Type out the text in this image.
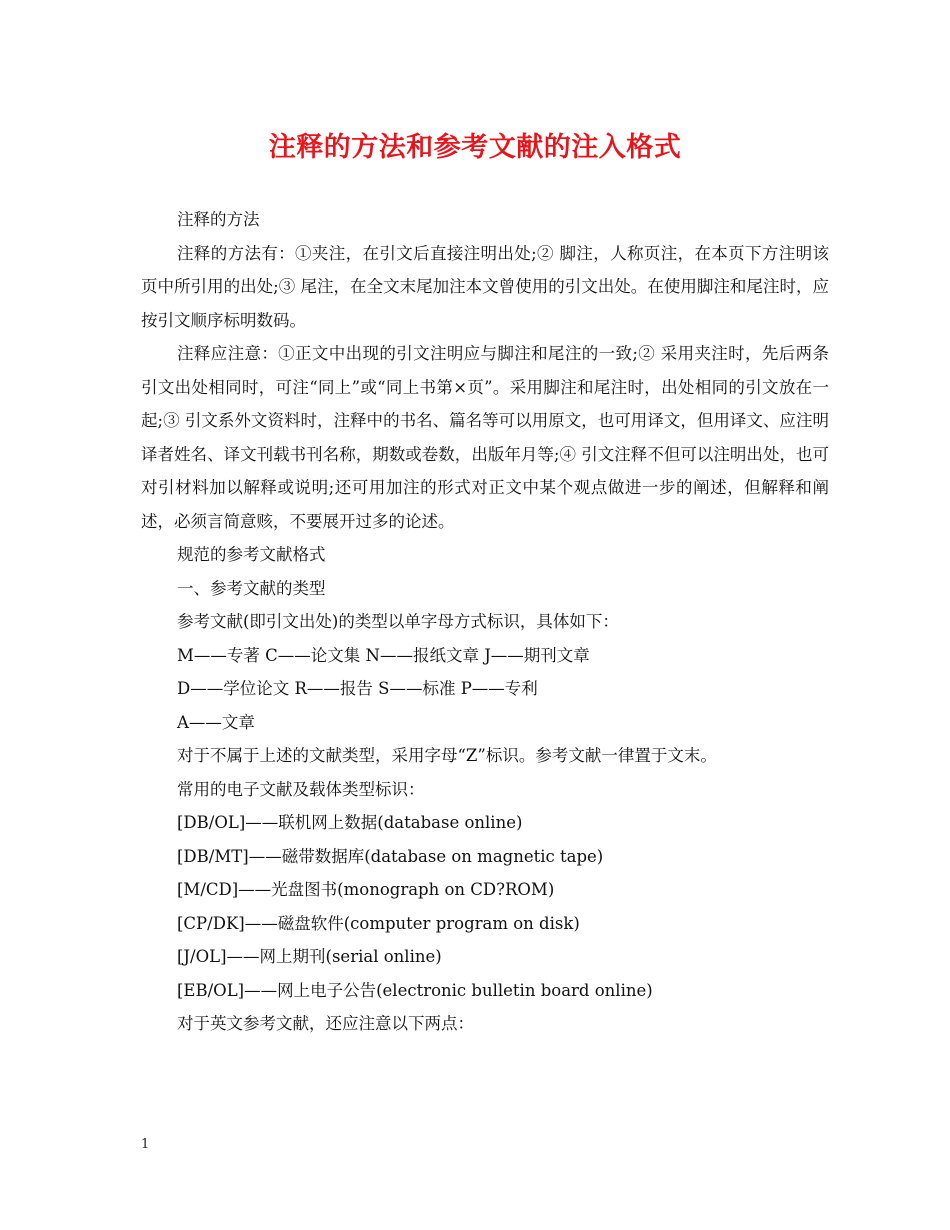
注释的方法和参考文献的注入格式

注释的方法

注释的方法有：①夹注，在引文后直接注明出处;② 脚注，人称页注，在本页下方注明该页中所引用的出处;③ 尾注，在全文末尾加注本文曾使用的引文出处。在使用脚注和尾注时，应按引文顺序标明数码。

注释应注意：①正文中出现的引文注明应与脚注和尾注的一致;② 采用夹注时，先后两条引文出处相同时，可注“同上”或“同上书第×页”。采用脚注和尾注时，出处相同的引文放在一起;③ 引文系外文资料时，注释中的书名、篇名等可以用原文，也可用译文，但用译文、应注明译者姓名、译文刊载书刊名称，期数或卷数，出版年月等;④ 引文注释不但可以注明出处，也可对引材料加以解释或说明;还可用加注的形式对正文中某个观点做进一步的阐述，但解释和阐述，必须言简意赅，不要展开过多的论述。

规范的参考文献格式

一、参考文献的类型

参考文献(即引文出处)的类型以单字母方式标识，具体如下：

M——专著 C——论文集 N——报纸文章 J——期刊文章

D——学位论文 R——报告 S——标准 P——专利

A——文章

对于不属于上述的文献类型，采用字母“Z”标识。参考文献一律置于文末。

常用的电子文献及载体类型标识：

[DB/OL]——联机网上数据(database online)

[DB/MT]——磁带数据库(database on magnetic tape)

[M/CD]——光盘图书(monograph on CD?ROM)

[CP/DK]——磁盘软件(computer program on disk)

[J/OL]——网上期刊(serial online)

[EB/OL]——网上电子公告(electronic bulletin board online)

对于英文参考文献，还应注意以下两点：

1
